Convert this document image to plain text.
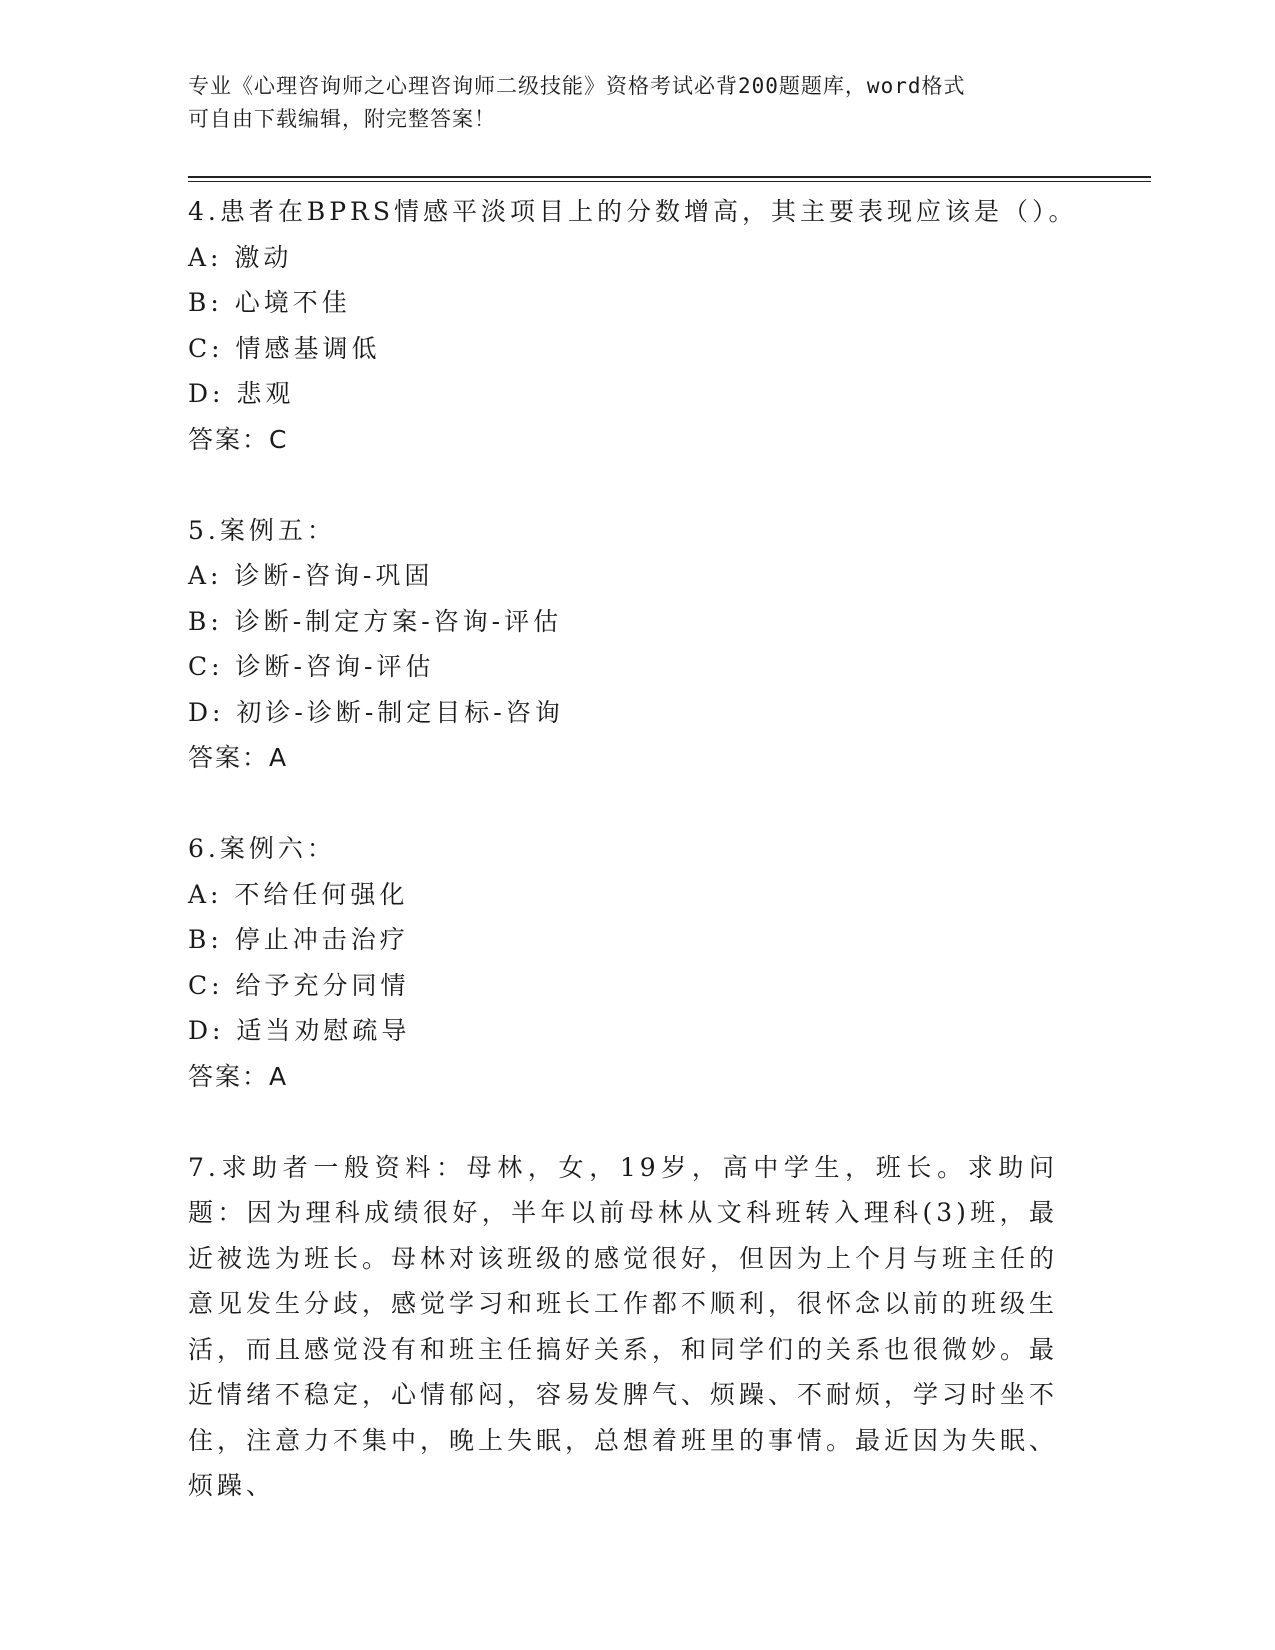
专业《心理咨询师之心理咨询师二级技能》资格考试必背200题题库，word格式
可自由下载编辑，附完整答案！
4.患者在BPRS情感平淡项目上的分数增高，其主要表现应该是（）。
A: 激动
B: 心境不佳
C: 情感基调低
D: 悲观
答案：C
5.案例五：
A: 诊断-咨询-巩固
B: 诊断-制定方案-咨询-评估
C: 诊断-咨询-评估
D: 初诊-诊断-制定目标-咨询
答案：A
6.案例六：
A: 不给任何强化
B: 停止冲击治疗
C: 给予充分同情
D: 适当劝慰疏导
答案：A
7.求助者一般资料：母林，女，19岁，高中学生，班长。求助问题：因为理科成绩很好，半年以前母林从文科班转入理科(3)班，最近被选为班长。母林对该班级的感觉很好，但因为上个月与班主任的意见发生分歧，感觉学习和班长工作都不顺利，很怀念以前的班级生活，而且感觉没有和班主任搞好关系，和同学们的关系也很微妙。最近情绪不稳定，心情郁闷，容易发脾气、烦躁、不耐烦，学习时坐不住，注意力不集中，晚上失眠，总想着班里的事情。最近因为失眠、烦躁、
